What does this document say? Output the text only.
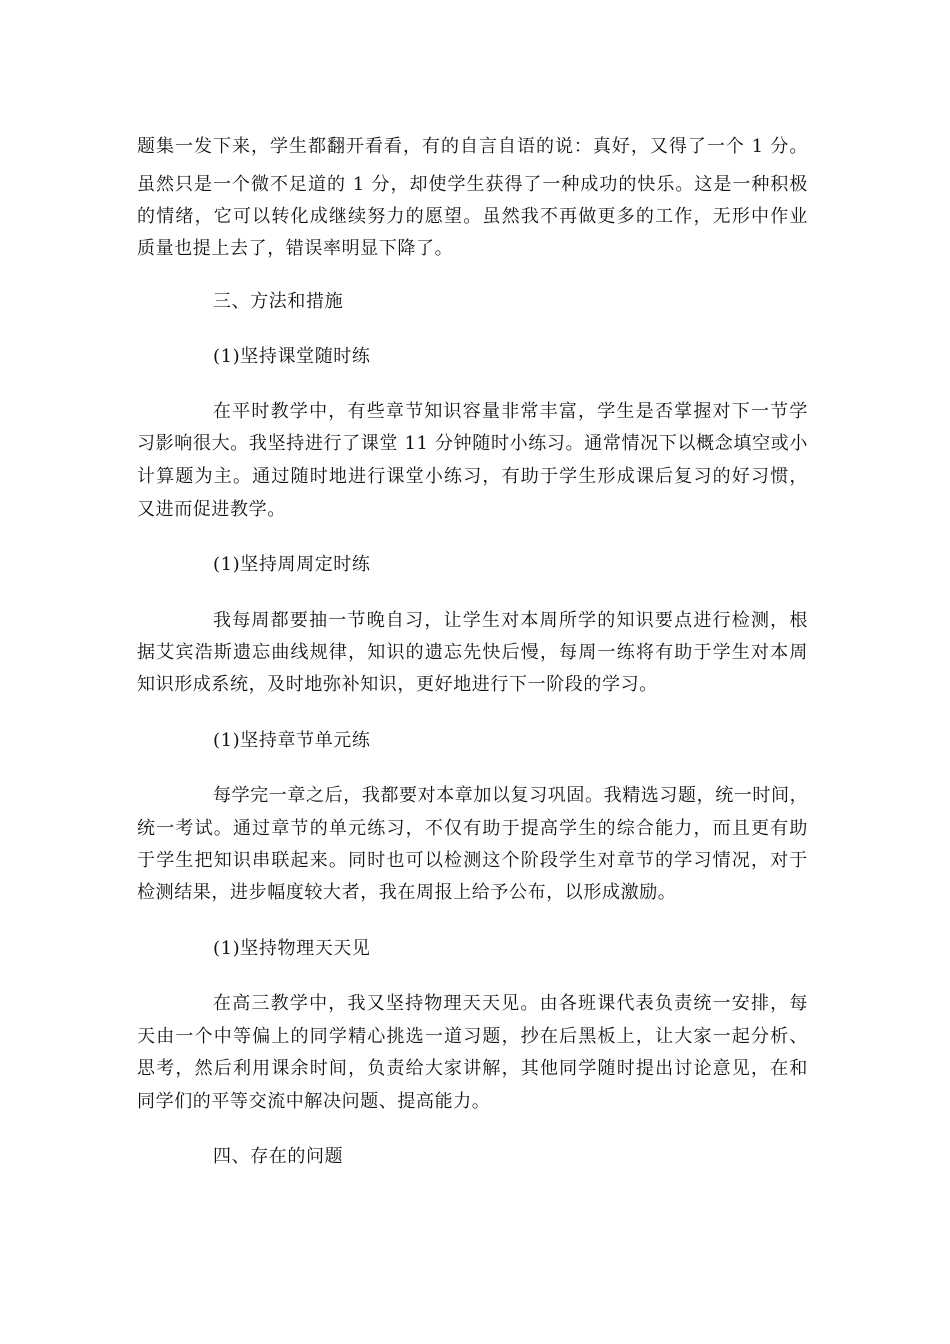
题集一发下来，学生都翻开看看，有的自言自语的说：真好，又得了一个 1 分。
虽然只是一个微不足道的 1 分，却使学生获得了一种成功的快乐。这是一种积极
的情绪，它可以转化成继续努力的愿望。虽然我不再做更多的工作，无形中作业
质量也提上去了，错误率明显下降了。
三、方法和措施
(1)坚持课堂随时练
在平时教学中，有些章节知识容量非常丰富，学生是否掌握对下一节学
习影响很大。我坚持进行了课堂 11 分钟随时小练习。通常情况下以概念填空或小
计算题为主。通过随时地进行课堂小练习，有助于学生形成课后复习的好习惯，
又进而促进教学。
(1)坚持周周定时练
我每周都要抽一节晚自习，让学生对本周所学的知识要点进行检测，根
据艾宾浩斯遗忘曲线规律，知识的遗忘先快后慢，每周一练将有助于学生对本周
知识形成系统，及时地弥补知识，更好地进行下一阶段的学习。
(1)坚持章节单元练
每学完一章之后，我都要对本章加以复习巩固。我精选习题，统一时间，
统一考试。通过章节的单元练习，不仅有助于提高学生的综合能力，而且更有助
于学生把知识串联起来。同时也可以检测这个阶段学生对章节的学习情况，对于
检测结果，进步幅度较大者，我在周报上给予公布，以形成激励。
(1)坚持物理天天见
在高三教学中，我又坚持物理天天见。由各班课代表负责统一安排，每
天由一个中等偏上的同学精心挑选一道习题，抄在后黑板上，让大家一起分析、
思考，然后利用课余时间，负责给大家讲解，其他同学随时提出讨论意见，在和
同学们的平等交流中解决问题、提高能力。
四、存在的问题
